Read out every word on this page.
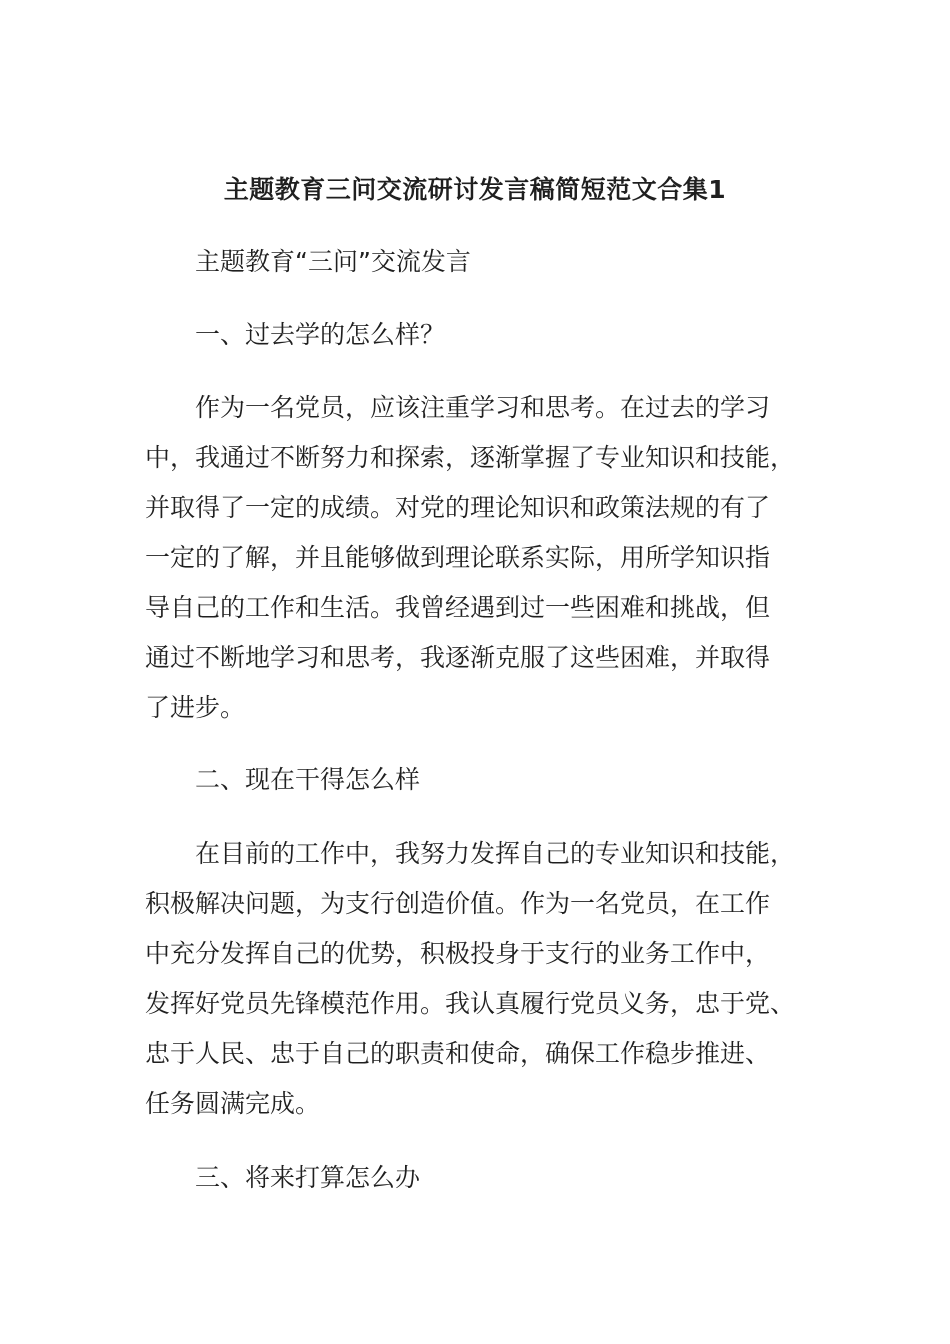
主题教育三问交流研讨发言稿简短范文合集1
主题教育“三问”交流发言
一、过去学的怎么样？
作为一名党员，应该注重学习和思考。在过去的学习
中，我通过不断努力和探索，逐渐掌握了专业知识和技能，
并取得了一定的成绩。对党的理论知识和政策法规的有了
一定的了解，并且能够做到理论联系实际，用所学知识指
导自己的工作和生活。我曾经遇到过一些困难和挑战，但
通过不断地学习和思考，我逐渐克服了这些困难，并取得
了进步。
二、现在干得怎么样
在目前的工作中，我努力发挥自己的专业知识和技能，
积极解决问题，为支行创造价值。作为一名党员，在工作
中充分发挥自己的优势，积极投身于支行的业务工作中，
发挥好党员先锋模范作用。我认真履行党员义务，忠于党、
忠于人民、忠于自己的职责和使命，确保工作稳步推进、
任务圆满完成。
三、将来打算怎么办
